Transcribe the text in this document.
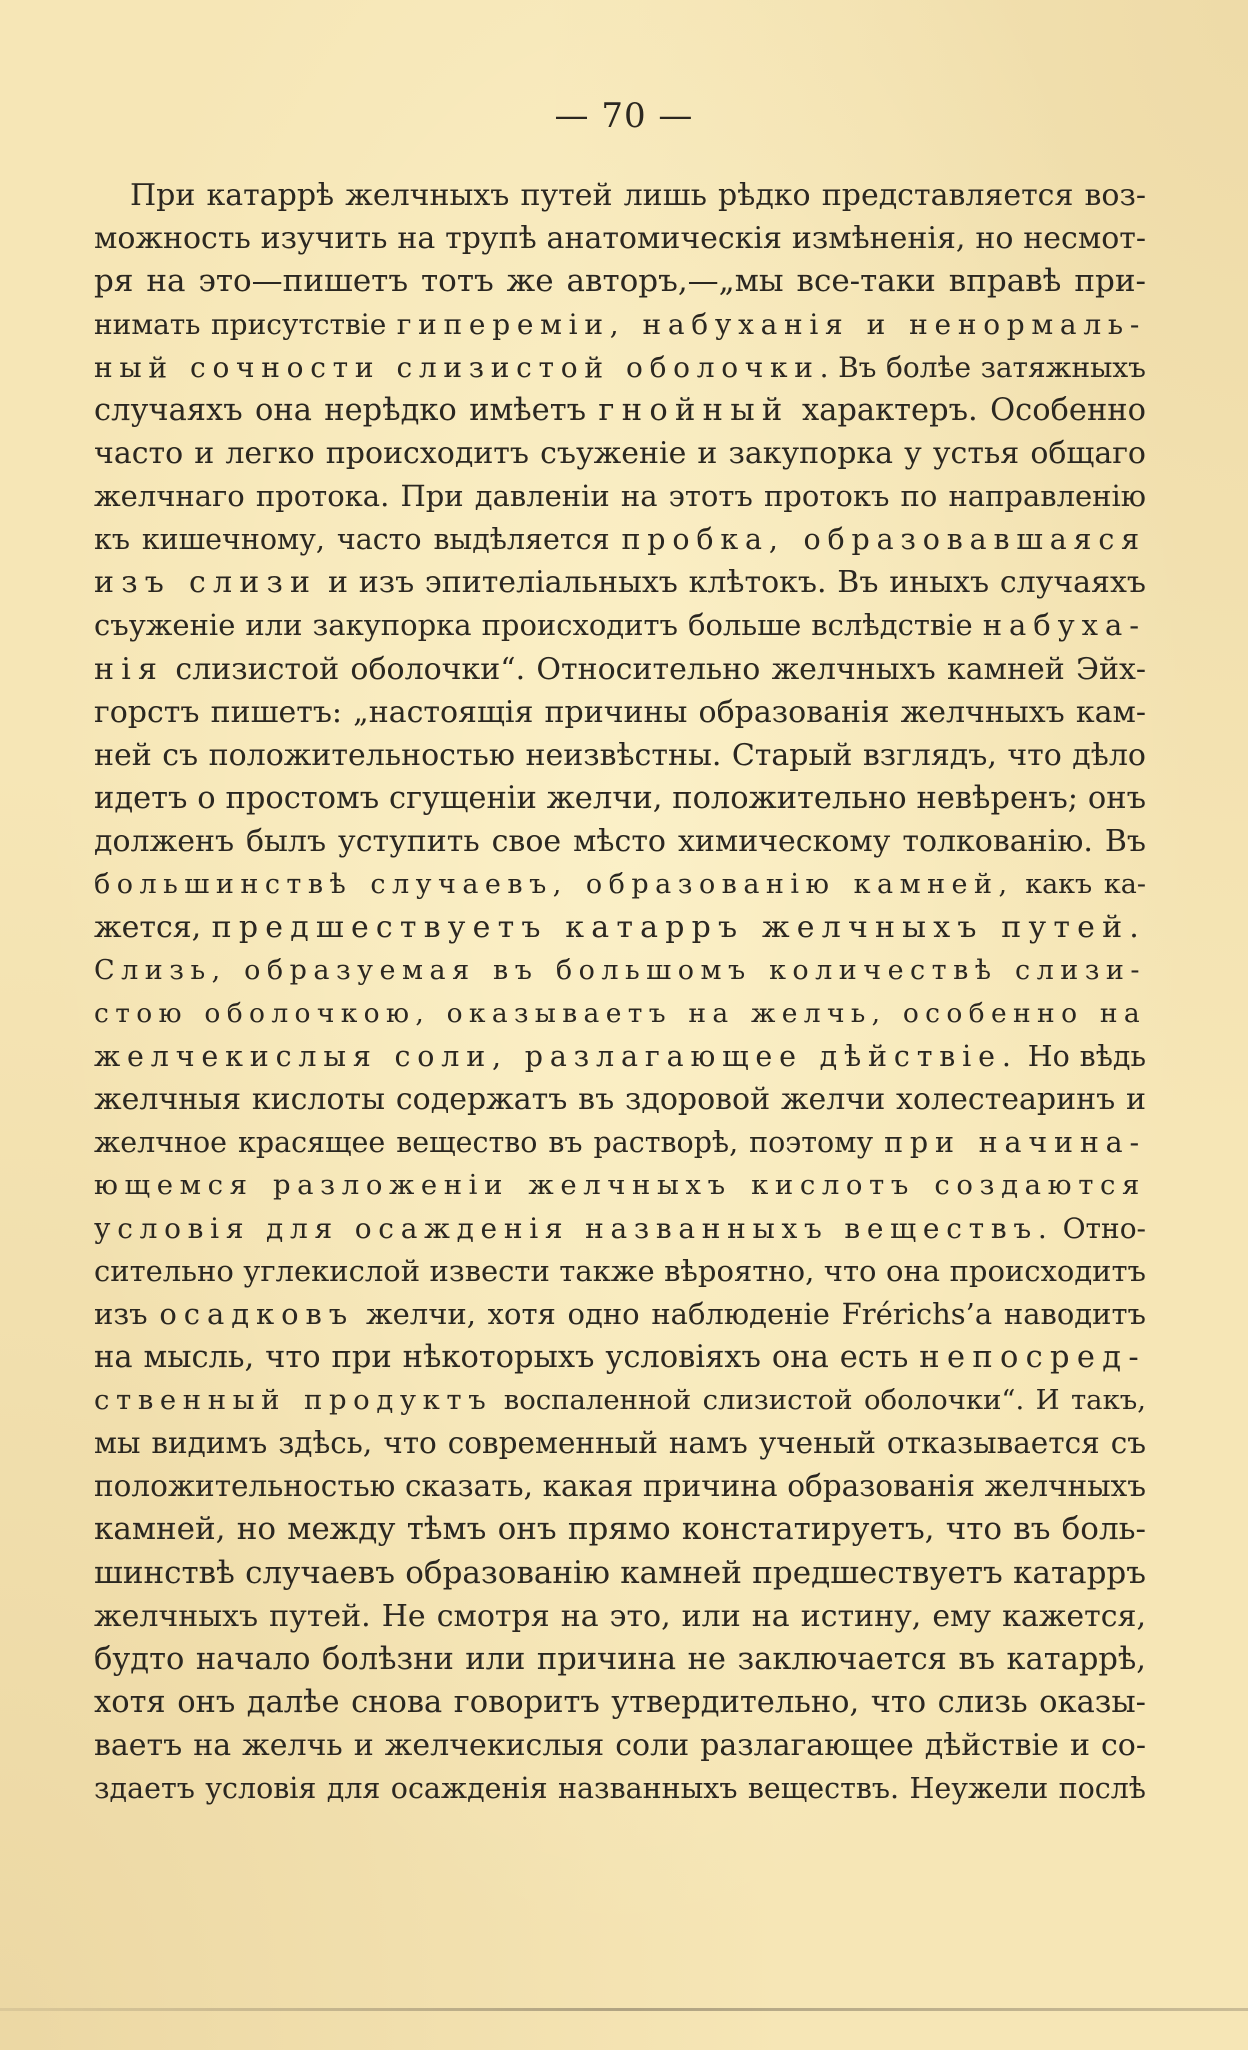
— 70 —
При катаррѣ желчныхъ путей лишь рѣдко представляется воз-
можность изучить на трупѣ анатомическія измѣненія, но несмот-
ря на это—пишетъ тотъ же авторъ,—„мы все-таки вправѣ при-
нимать присутствіе гипереміи, набуханія и ненормаль-
ный сочности слизистой оболочки. Въ болѣе затяжныхъ
случаяхъ она нерѣдко имѣетъ гнойный характеръ. Особенно
часто и легко происходитъ съуженіе и закупорка у устья общаго
желчнаго протока. При давленіи на этотъ протокъ по направленію
къ кишечному, часто выдѣляется пробка, образовавшаяся
изъ слизи и изъ эпителіальныхъ клѣтокъ. Въ иныхъ случаяхъ
съуженіе или закупорка происходитъ больше вслѣдствіе набуха-
нія слизистой оболочки“. Относительно желчныхъ камней Эйх-
горстъ пишетъ: „настоящія причины образованія желчныхъ кам-
ней съ положительностью неизвѣстны. Старый взглядъ, что дѣло
идетъ о простомъ сгущеніи желчи, положительно невѣренъ; онъ
долженъ былъ уступить свое мѣсто химическому толкованію. Въ
большинствѣ случаевъ, образованію камней, какъ ка-
жется, предшествуетъ катарръ желчныхъ путей.
Слизь, образуемая въ большомъ количествѣ слизи-
стою оболочкою, оказываетъ на желчь, особенно на
желчекислыя соли, разлагающее дѣйствіе. Но вѣдь
желчныя кислоты содержатъ въ здоровой желчи холестеаринъ и
желчное красящее вещество въ растворѣ, поэтому при начина-
ющемся разложеніи желчныхъ кислотъ создаются
условія для осажденія названныхъ веществъ. Отно-
сительно углекислой извести также вѣроятно, что она происходитъ
изъ осадковъ желчи, хотя одно наблюденіе Frérichs’a наводитъ
на мысль, что при нѣкоторыхъ условіяхъ она есть непосред-
ственный продуктъ воспаленной слизистой оболочки“. И такъ,
мы видимъ здѣсь, что современный намъ ученый отказывается съ
положительностью сказать, какая причина образованія желчныхъ
камней, но между тѣмъ онъ прямо констатируетъ, что въ боль-
шинствѣ случаевъ образованію камней предшествуетъ катарръ
желчныхъ путей. Не смотря на это, или на истину, ему кажется,
будто начало болѣзни или причина не заключается въ катаррѣ,
хотя онъ далѣе снова говоритъ утвердительно, что слизь оказы-
ваетъ на желчь и желчекислыя соли разлагающее дѣйствіе и со-
здаетъ условія для осажденія названныхъ веществъ. Неужели послѣ
